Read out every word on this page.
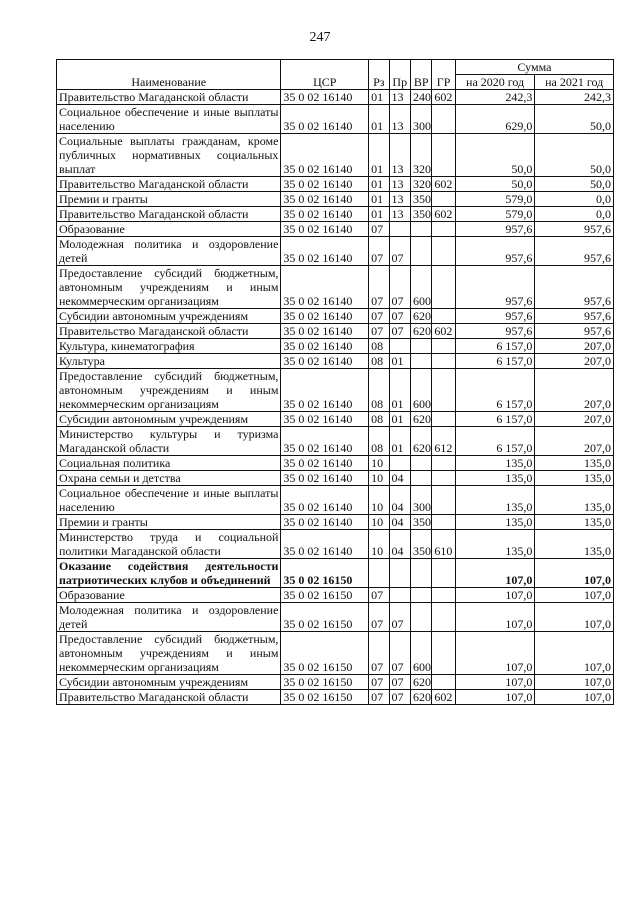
247
Наименование	ЦСР	Рз	Пр	ВР	ГР	Сумма	
						на 2020 год	на 2021 год
Правительство Магаданской области	35 0 02 16140	01	13	240	602	242,3	242,3
Социальное обеспечение и иные выплаты населению	35 0 02 16140	01	13	300		629,0	50,0
Социальные выплаты гражданам, кроме публичных нормативных социальных выплат	35 0 02 16140	01	13	320		50,0	50,0
Правительство Магаданской области	35 0 02 16140	01	13	320	602	50,0	50,0
Премии и гранты	35 0 02 16140	01	13	350		579,0	0,0
Правительство Магаданской области	35 0 02 16140	01	13	350	602	579,0	0,0
Образование	35 0 02 16140	07				957,6	957,6
Молодежная политика и оздоровление детей	35 0 02 16140	07	07			957,6	957,6
Предоставление субсидий бюджетным, автономным учреждениям и иным некоммерческим организациям	35 0 02 16140	07	07	600		957,6	957,6
Субсидии автономным учреждениям	35 0 02 16140	07	07	620		957,6	957,6
Правительство Магаданской области	35 0 02 16140	07	07	620	602	957,6	957,6
Культура, кинематография	35 0 02 16140	08				6 157,0	207,0
Культура	35 0 02 16140	08	01			6 157,0	207,0
Предоставление субсидий бюджетным, автономным учреждениям и иным некоммерческим организациям	35 0 02 16140	08	01	600		6 157,0	207,0
Субсидии автономным учреждениям	35 0 02 16140	08	01	620		6 157,0	207,0
Министерство культуры и туризма Магаданской области	35 0 02 16140	08	01	620	612	6 157,0	207,0
Социальная политика	35 0 02 16140	10				135,0	135,0
Охрана семьи и детства	35 0 02 16140	10	04			135,0	135,0
Социальное обеспечение и иные выплаты населению	35 0 02 16140	10	04	300		135,0	135,0
Премии и гранты	35 0 02 16140	10	04	350		135,0	135,0
Министерство труда и социальной политики Магаданской области	35 0 02 16140	10	04	350	610	135,0	135,0
Оказание содействия деятельности патриотических клубов и объединений	35 0 02 16150					107,0	107,0
Образование	35 0 02 16150	07				107,0	107,0
Молодежная политика и оздоровление детей	35 0 02 16150	07	07			107,0	107,0
Предоставление субсидий бюджетным, автономным учреждениям и иным некоммерческим организациям	35 0 02 16150	07	07	600		107,0	107,0
Субсидии автономным учреждениям	35 0 02 16150	07	07	620		107,0	107,0
Правительство Магаданской области	35 0 02 16150	07	07	620	602	107,0	107,0
